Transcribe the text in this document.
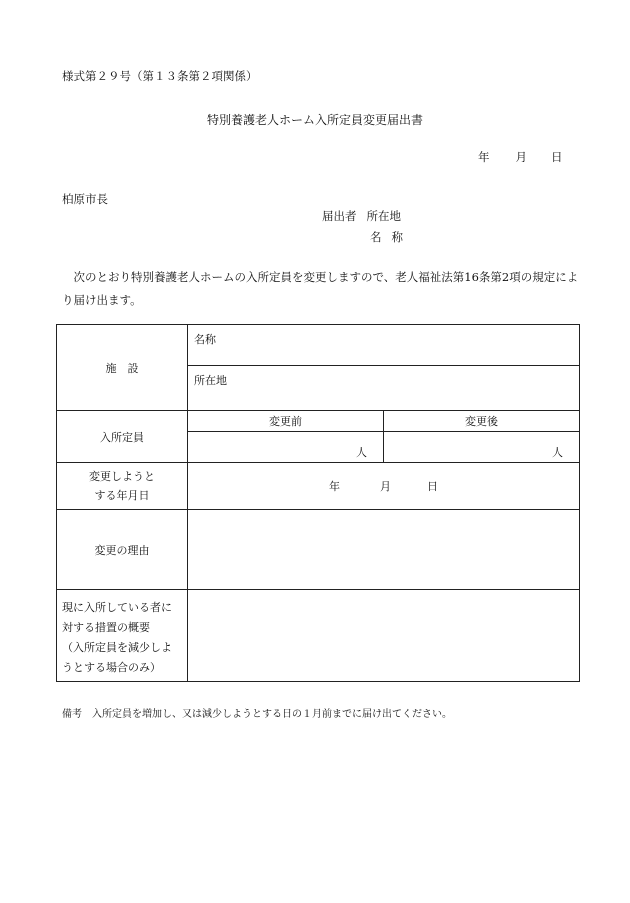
様式第２９号（第１３条第２項関係）
特別養護老人ホーム入所定員変更届出書
年 月 日
柏原市長
届出者 所在地
名称
次のとおり特別養護老人ホームの入所定員を変更しますので、老人福祉法第16条第2項の規定により届け出ます。
施　設	名称	
	所在地	
入所定員	変更前	変更後
	人	人

変更しようと
する年月日	年 月 日	
変更の理由		

現に入所している者に
対する措置の概要
（入所定員を減少しよ
うとする場合のみ）		

備考　入所定員を増加し、又は減少しようとする日の１月前までに届け出てください。
